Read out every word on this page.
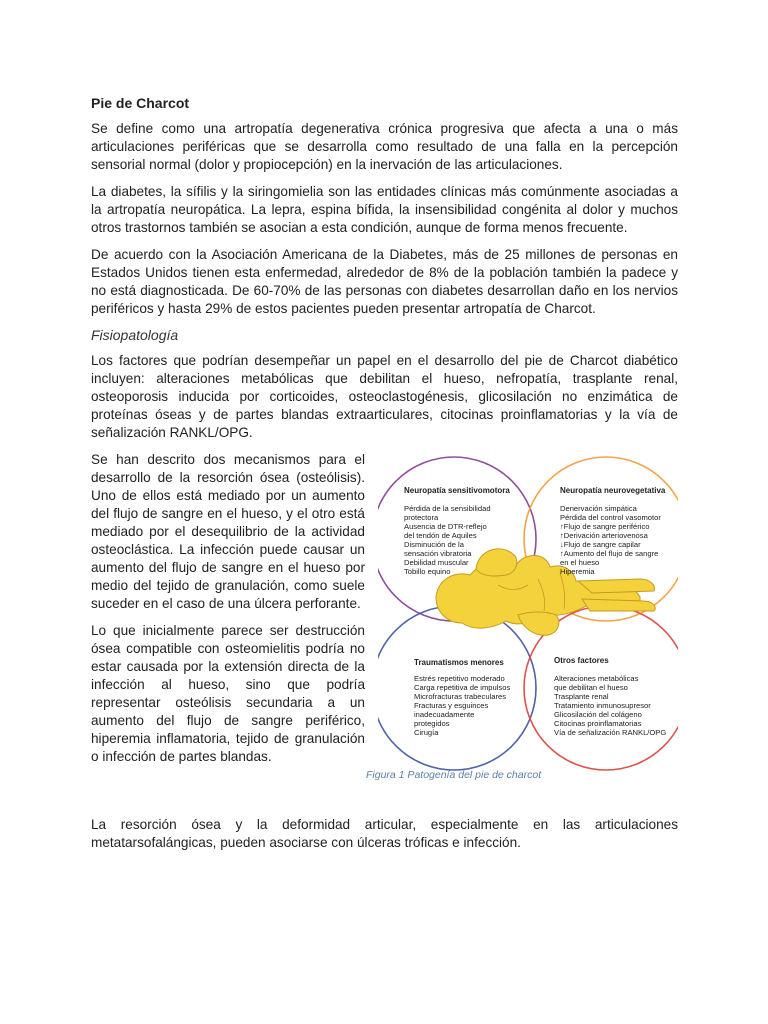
Pie de Charcot

Se define como una artropatía degenerativa crónica progresiva que afecta a una o más articulaciones periféricas que se desarrolla como resultado de una falla en la percepción sensorial normal (dolor y propiocepción) en la inervación de las articulaciones.

La diabetes, la sífilis y la siringomielia son las entidades clínicas más comúnmente asociadas a la artropatía neuropática. La lepra, espina bífida, la insensibilidad congénita al dolor y muchos otros trastornos también se asocian a esta condición, aunque de forma menos frecuente.

De acuerdo con la Asociación Americana de la Diabetes, más de 25 millones de personas en Estados Unidos tienen esta enfermedad, alrededor de 8% de la población también la padece y no está diagnosticada. De 60-70% de las personas con diabetes desarrollan daño en los nervios periféricos y hasta 29% de estos pacientes pueden presentar artropatía de Charcot.

Fisiopatología

Los factores que podrían desempeñar un papel en el desarrollo del pie de Charcot diabético incluyen: alteraciones metabólicas que debilitan el hueso, nefropatía, trasplante renal, osteoporosis inducida por corticoides, osteoclastogénesis, glicosilación no enzimática de proteínas óseas y de partes blandas extraarticulares, citocinas proinflamatorias y la vía de señalización RANKL/OPG.

Se han descrito dos mecanismos para el desarrollo de la resorción ósea (osteólisis). Uno de ellos está mediado por un aumento del flujo de sangre en el hueso, y el otro está mediado por el desequilibrio de la actividad osteoclástica. La infección puede causar un aumento del flujo de sangre en el hueso por medio del tejido de granulación, como suele suceder en el caso de una úlcera perforante.

Lo que inicialmente parece ser destrucción ósea compatible con osteomielitis podría no estar causada por la extensión directa de la infección al hueso, sino que podría representar osteólisis secundaria a un aumento del flujo de sangre periférico, hiperemia inflamatoria, tejido de granulación o infección de partes blandas.

Neuropatía sensitivomotora
Pérdida de la sensibilidad
protectora
Ausencia de DTR-reflejo
del tendón de Aquiles
Disminución de la
sensación vibratoria
Debilidad muscular
Tobillo equino
Neuropatía neurovegetativa
Denervación simpática
Pérdida del control vasomotor
↑Flujo de sangre periférico
↑Derivación arteriovenosa
↓Flujo de sangre capilar
↑Aumento del flujo de sangre
en el hueso
Hiperemia
Traumatismos menores
Estrés repetitivo moderado
Carga repetitiva de impulsos
Microfracturas trabeculares
Fracturas y esguinces
inadecuadamente
protegidos
Cirugía
Otros factores
Alteraciones metabólicas
que debilitan el hueso
Trasplante renal
Tratamiento inmunosupresor
Glicosilación del colágeno
Citocinas proinflamatorias
Vía de señalización RANKL/OPG
Figura 1 Patogenía del pie de charcot

La resorción ósea y la deformidad articular, especialmente en las articulaciones metatarsofalángicas, pueden asociarse con úlceras tróficas e infección.
